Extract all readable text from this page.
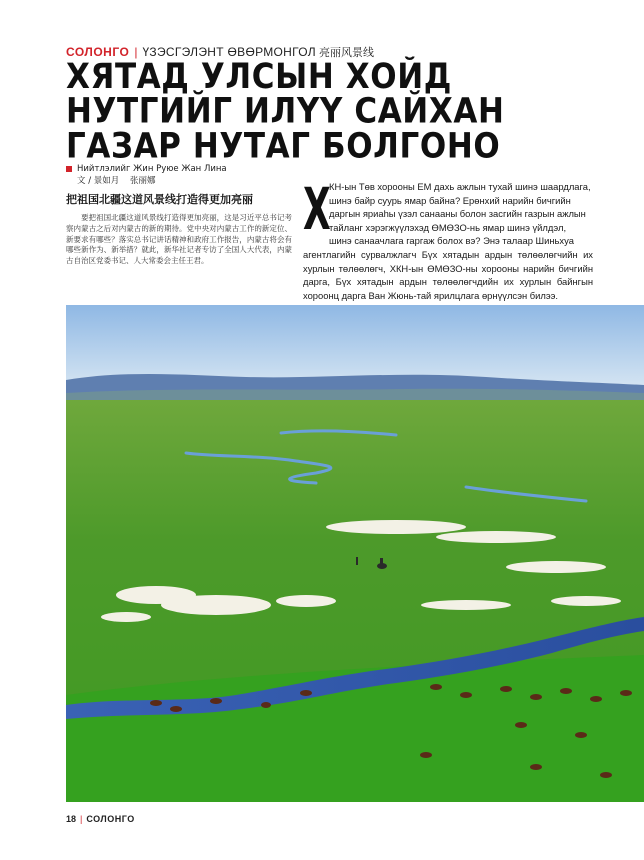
СОЛОНГО | ҮЗЭСГЭЛЭНТ ӨВӨРМОНГОЛ 亮丽风景线
ХЯТАД УЛСЫН ХОЙД
НУТГИЙГ ИЛҮҮ САЙХАН
ГАЗАР НУТАГ БОЛГОНО
Нийтлэлийг Жин Руюе Жан Лина
文 / 景如月 张丽娜
把祖国北疆这道风景线打造得更加亮丽

要把祖国北疆这道风景线打造得更加亮丽，这是习近平总书记考察内蒙古之后对内蒙古的新的期待。党中央对内蒙古工作的新定位、新要求有哪些？落实总书记讲话精神和政府工作报告，内蒙古将会有哪些新作为、新举措？就此，新华社记者专访了全国人大代表，内蒙古自治区党委书记、人大常委会主任王君。

Х
КН-ын Төв хорооны ЕМ дахь ажлын тухай шинэ шаардлага,
шинэ байр суурь ямар байна? Ерөнхий нарийн бичгийн
даргын яриаһы үзэл санааны болон засгийн газрын ажлын
тайланг хэрэгжүүлэхэд ӨМӨЗО-нь ямар шинэ үйлдэл,
шинэ санаачлага гаргаж болох вэ? Энэ талаар Шиньхуа
агентлагийн сурвалжлагч Бүх хятадын ардын төлөөлөгчийн их хурлын төлөөлөгч, ХКН-ын ӨМӨЗО-ны хорооны нарийн бичгийн дарга, Бүх хятадын ардын төлөөлөгчдийн их хурлын байнгын хороонц дарга Ван Жюнь-тай ярилцлага өрнүүлсэн билээ.
18 | СОЛОНГО
